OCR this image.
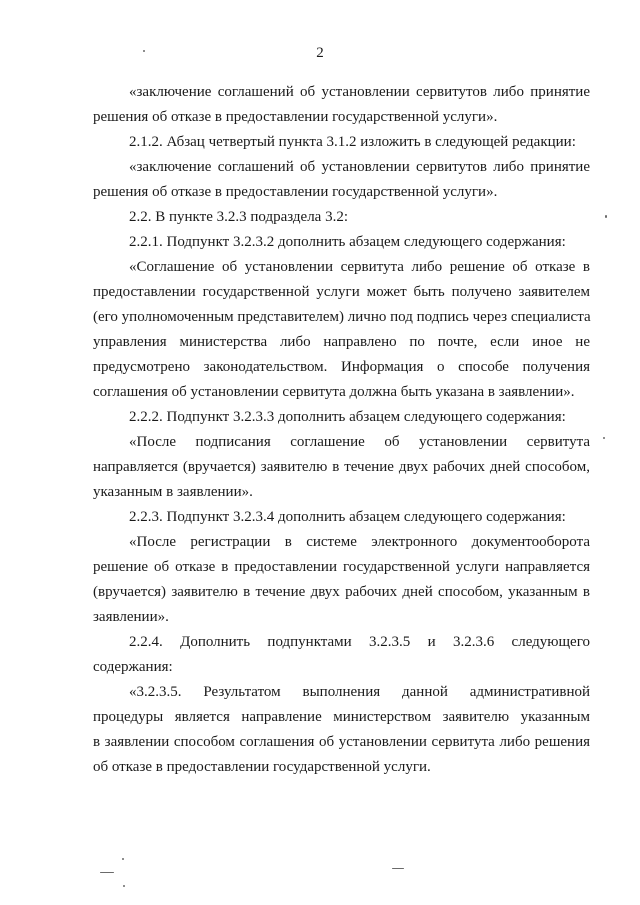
2

«заключение соглашений об установлении сервитутов либо принятие
решения об отказе в предоставлении государственной услуги».

2.1.2. Абзац четвертый пункта 3.1.2 изложить в следующей редакции:

«заключение соглашений об установлении сервитутов либо принятие
решения об отказе в предоставлении государственной услуги».

2.2. В пункте 3.2.3 подраздела 3.2:

2.2.1. Подпункт 3.2.3.2 дополнить абзацем следующего содержания:

«Соглашение об установлении сервитута либо решение об отказе в
предоставлении государственной услуги может быть получено заявителем
(его уполномоченным представителем) лично под подпись через специалиста
управления министерства либо направлено по почте, если иное не
предусмотрено законодательством. Информация о способе получения
соглашения об установлении сервитута должна быть указана в заявлении».

2.2.2. Подпункт 3.2.3.3 дополнить абзацем следующего содержания:

«После подписания соглашение об установлении сервитута
направляется (вручается) заявителю в течение двух рабочих дней способом,
указанным в заявлении».

2.2.3. Подпункт 3.2.3.4 дополнить абзацем следующего содержания:

«После регистрации в системе электронного документооборота
решение об отказе в предоставлении государственной услуги направляется
(вручается) заявителю в течение двух рабочих дней способом, указанным в
заявлении».

2.2.4. Дополнить подпунктами 3.2.3.5 и 3.2.3.6 следующего
содержания:

«3.2.3.5. Результатом выполнения данной административной
процедуры является направление министерством заявителю указанным
в заявлении способом соглашения об установлении сервитута либо решения
об отказе в предоставлении государственной услуги.
